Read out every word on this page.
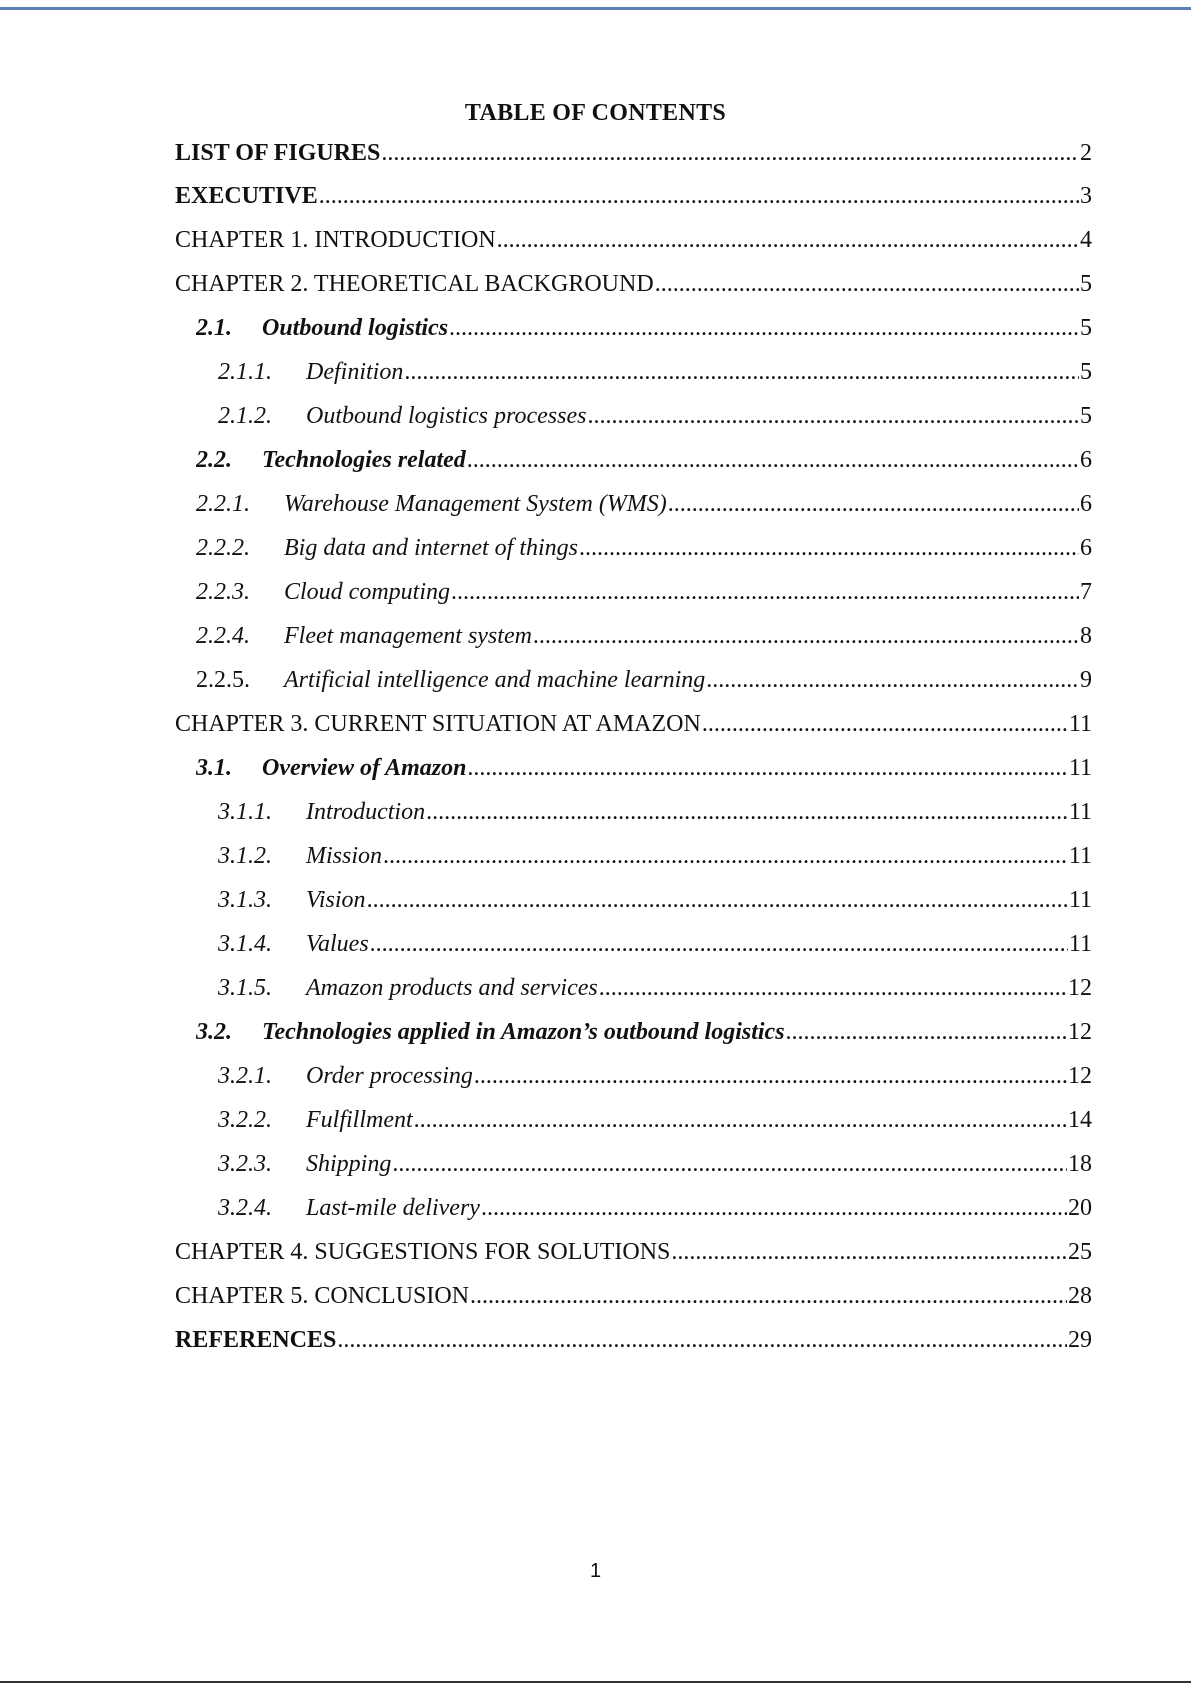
TABLE OF CONTENTS
LIST OF FIGURES .....	2
EXECUTIVE .....	3
CHAPTER 1. INTRODUCTION .....	4
CHAPTER 2. THEORETICAL BACKGROUND .....	5
2.1.	Outbound logistics .....	5
2.1.1.	Definition .....	5
2.1.2.	Outbound logistics processes .....	5
2.2.	Technologies related .....	6
2.2.1.	Warehouse Management System (WMS) .....	6
2.2.2.	Big data and internet of things .....	6
2.2.3.	Cloud computing .....	7
2.2.4.	Fleet management system .....	8
2.2.5.	Artificial intelligence and machine learning .....	9
CHAPTER 3. CURRENT SITUATION AT AMAZON .....	11
3.1.	Overview of Amazon .....	11
3.1.1.	Introduction .....	11
3.1.2.	Mission .....	11
3.1.3.	Vision .....	11
3.1.4.	Values .....	11
3.1.5.	Amazon products and services .....	12
3.2.	Technologies applied in Amazon’s outbound logistics .....	12
3.2.1.	Order processing .....	12
3.2.2.	Fulfillment .....	14
3.2.3.	Shipping .....	18
3.2.4.	Last-mile delivery .....	20
CHAPTER 4. SUGGESTIONS FOR SOLUTIONS .....	25
CHAPTER 5. CONCLUSION .....	28
REFERENCES .....	29
1
